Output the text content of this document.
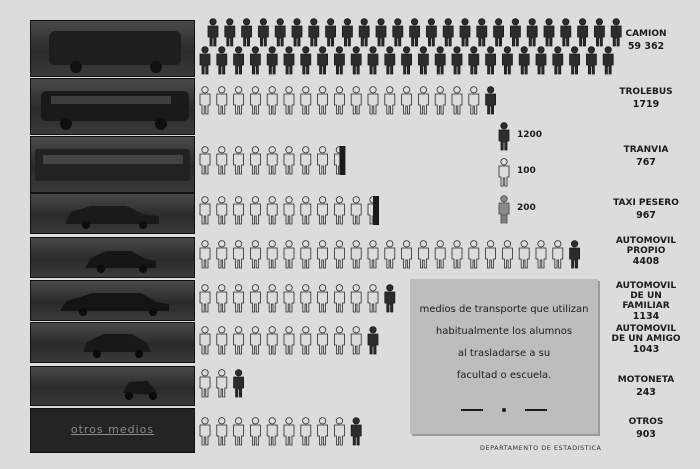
otros medios
CAMION
59 362
TROLEBUS
1719
TRANVIA
767
TAXI PESERO
967
AUTOMOVIL PROPIO
4408
AUTOMOVIL DE UN FAMILIAR
1134
AUTOMOVIL DE UN AMIGO
1043
MOTONETA
243
OTROS
903
1200
100
200
medios de transporte que utilizan
habitualmente los alumnos
al trasladarse a su
facultad o escuela.

DEPARTAMENTO DE ESTADISTICA
